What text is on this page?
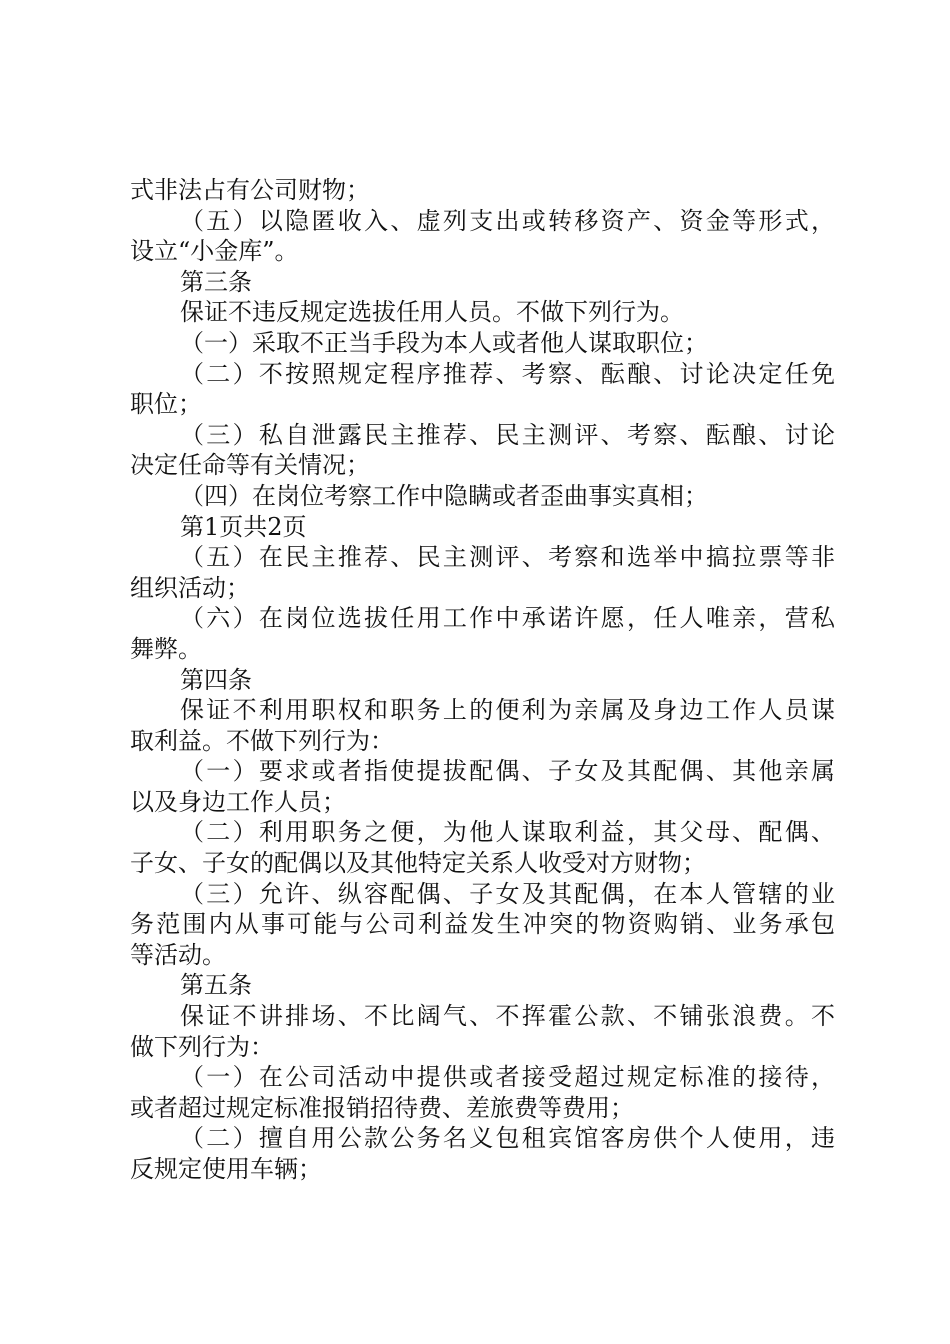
式非法占有公司财物；
（五）以隐匿收入、虚列支出或转移资产、资金等形式，
设立“小金库”。
第三条
保证不违反规定选拔任用人员。不做下列行为。
（一）采取不正当手段为本人或者他人谋取职位；
（二）不按照规定程序推荐、考察、酝酿、讨论决定任免
职位；
（三）私自泄露民主推荐、民主测评、考察、酝酿、讨论
决定任命等有关情况；
（四）在岗位考察工作中隐瞒或者歪曲事实真相；
第1页共2页
（五）在民主推荐、民主测评、考察和选举中搞拉票等非
组织活动；
（六）在岗位选拔任用工作中承诺许愿，任人唯亲，营私
舞弊。
第四条
保证不利用职权和职务上的便利为亲属及身边工作人员谋
取利益。不做下列行为：
（一）要求或者指使提拔配偶、子女及其配偶、其他亲属
以及身边工作人员；
（二）利用职务之便，为他人谋取利益，其父母、配偶、
子女、子女的配偶以及其他特定关系人收受对方财物；
（三）允许、纵容配偶、子女及其配偶，在本人管辖的业
务范围内从事可能与公司利益发生冲突的物资购销、业务承包
等活动。
第五条
保证不讲排场、不比阔气、不挥霍公款、不铺张浪费。不
做下列行为：
（一）在公司活动中提供或者接受超过规定标准的接待，
或者超过规定标准报销招待费、差旅费等费用；
（二）擅自用公款公务名义包租宾馆客房供个人使用，违
反规定使用车辆；
